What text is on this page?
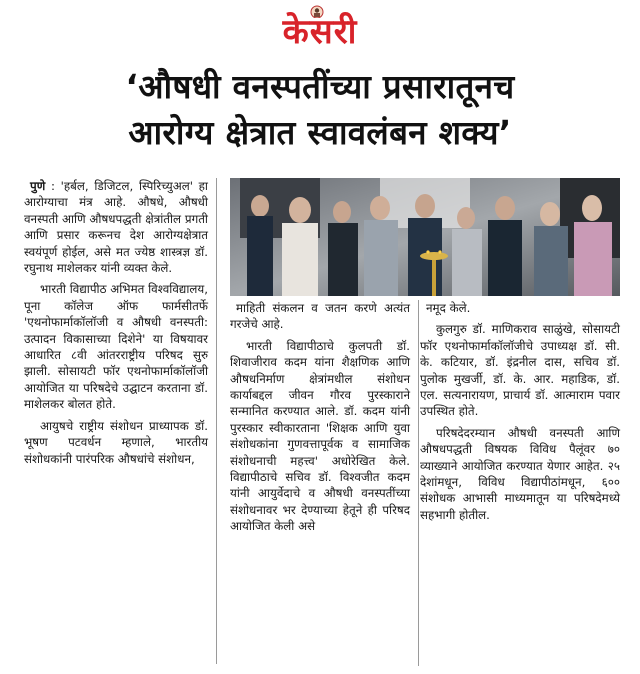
केसरी
‘औषधी वनस्पतींच्या प्रसारातूनच
आरोग्य क्षेत्रात स्वावलंबन शक्य’

पुणे : 'हर्बल, डिजिटल, स्पिरिच्युअल' हा आरोग्याचा मंत्र आहे. औषधे, औषधी वनस्पती आणि औषधपद्धती क्षेत्रांतील प्रगती आणि प्रसार करूनच देश आरोग्यक्षेत्रात स्वयंपूर्ण होईल, असे मत ज्येष्ठ शास्त्रज्ञ डॉ. रघुनाथ माशेलकर यांनी व्यक्त केले.

भारती विद्यापीठ अभिमत विश्वविद्यालय, पूना कॉलेज ऑफ फार्मसीतर्फे 'एथनोफार्माकॉलॉजी व औषधी वनस्पती: उत्पादन विकासाच्या दिशेने' या विषयावर आधारित ८वी आंतरराष्ट्रीय परिषद सुरु झाली. सोसायटी फॉर एथनोफार्माकॉलॉजी आयोजित या परिषदेचे उद्घाटन करताना डॉ. माशेलकर बोलत होते.

आयुषचे राष्ट्रीय संशोधन प्राध्यापक डॉ. भूषण पटवर्धन म्हणाले, भारतीय संशोधकांनी पारंपरिक औषधांचे संशोधन,

माहिती संकलन व जतन करणे अत्यंत गरजेचे आहे.

भारती विद्यापीठाचे कुलपती डॉ. शिवाजीराव कदम यांना शैक्षणिक आणि औषधनिर्माण क्षेत्रांमधील संशोधन कार्याबद्दल जीवन गौरव पुरस्काराने सन्मानित करण्यात आले. डॉ. कदम यांनी पुरस्कार स्वीकारताना 'शिक्षक आणि युवा संशोधकांना गुणवत्तापूर्वक व सामाजिक संशोधनाची महत्त्व' अधोरेखित केले. विद्यापीठाचे सचिव डॉ. विश्वजीत कदम यांनी आयुर्वेदाचे व औषधी वनस्पतींच्या संशोधनावर भर देण्याच्या हेतूने ही परिषद आयोजित केली असे

नमूद केले.

कुलगुरु डॉ. माणिकराव साळुंखे, सोसायटी फॉर एथनोफार्माकॉलॉजीचे उपाध्यक्ष डॉ. सी. के. कटियार, डॉ. इंद्रनील दास, सचिव डॉ. पुलोक मुखर्जी, डॉ. के. आर. महाडिक, डॉ. एल. सत्यनारायण, प्राचार्य डॉ. आत्माराम पवार उपस्थित होते.

परिषदेदरम्यान औषधी वनस्पती आणि औषधपद्धती विषयक विविध पैलूंवर ७० व्याख्याने आयोजित करण्यात येणार आहेत. २५ देशांमधून, विविध विद्यापीठांमधून, ६०० संशोधक आभासी माध्यमातून या परिषदेमध्ये सहभागी होतील.
